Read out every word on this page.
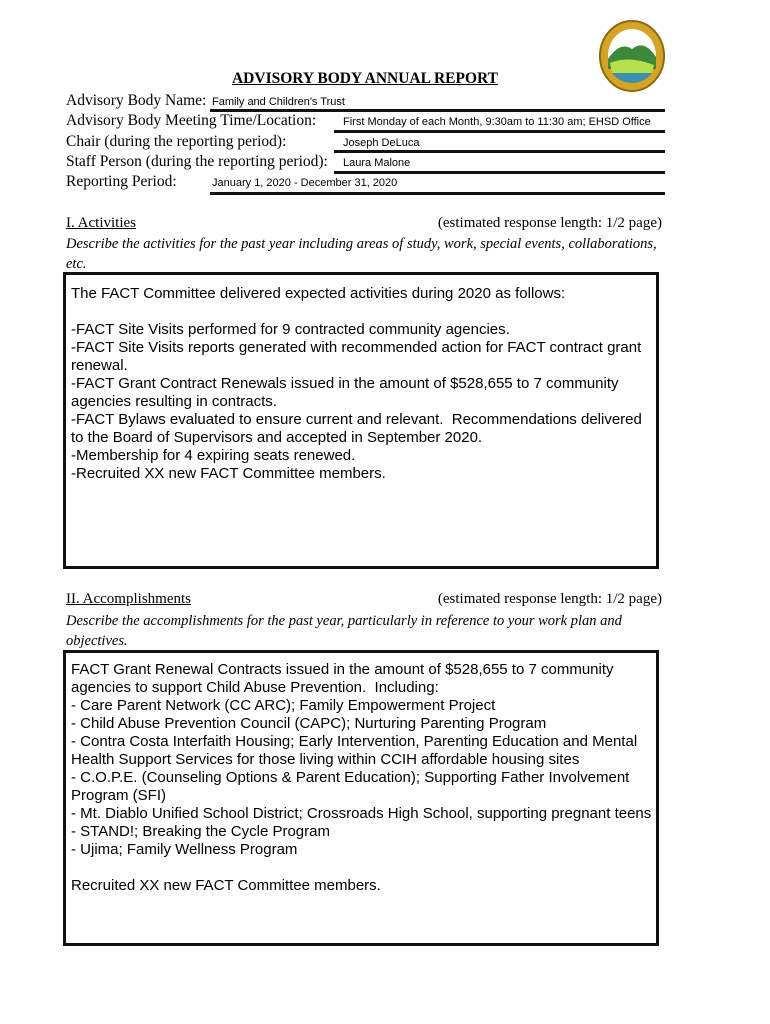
ADVISORY BODY ANNUAL REPORT
Advisory Body Name: Family and Children's Trust
Advisory Body Meeting Time/Location: First Monday of each Month, 9:30am to 11:30 am; EHSD Office
Chair (during the reporting period):	Joseph DeLuca
Staff Person (during the reporting period): Laura Malone
Reporting Period:	January 1, 2020 - December 31, 2020
I. Activities	(estimated response length: 1/2 page)
Describe the activities for the past year including areas of study, work, special events, collaborations, etc.

The FACT Committee delivered expected activities during 2020 as follows:

-FACT Site Visits performed for 9 contracted community agencies.
-FACT Site Visits reports generated with recommended action for FACT contract grant renewal.
-FACT Grant Contract Renewals issued in the amount of $528,655 to 7 community agencies resulting in contracts.
-FACT Bylaws evaluated to ensure current and relevant.  Recommendations delivered to the Board of Supervisors and accepted in September 2020.
-Membership for 4 expiring seats renewed.
-Recruited XX new FACT Committee members.

II. Accomplishments	(estimated response length: 1/2 page)
Describe the accomplishments for the past year, particularly in reference to your work plan and objectives.

FACT Grant Renewal Contracts issued in the amount of $528,655 to 7 community agencies to support Child Abuse Prevention.  Including:
- Care Parent Network (CC ARC); Family Empowerment Project
- Child Abuse Prevention Council (CAPC); Nurturing Parenting Program
- Contra Costa Interfaith Housing; Early Intervention, Parenting Education and Mental Health Support Services for those living within CCIH affordable housing sites
- C.O.P.E. (Counseling Options & Parent Education); Supporting Father Involvement Program (SFI)
- Mt. Diablo Unified School District; Crossroads High School, supporting pregnant teens
- STAND!; Breaking the Cycle Program
- Ujima; Family Wellness Program

Recruited XX new FACT Committee members.
